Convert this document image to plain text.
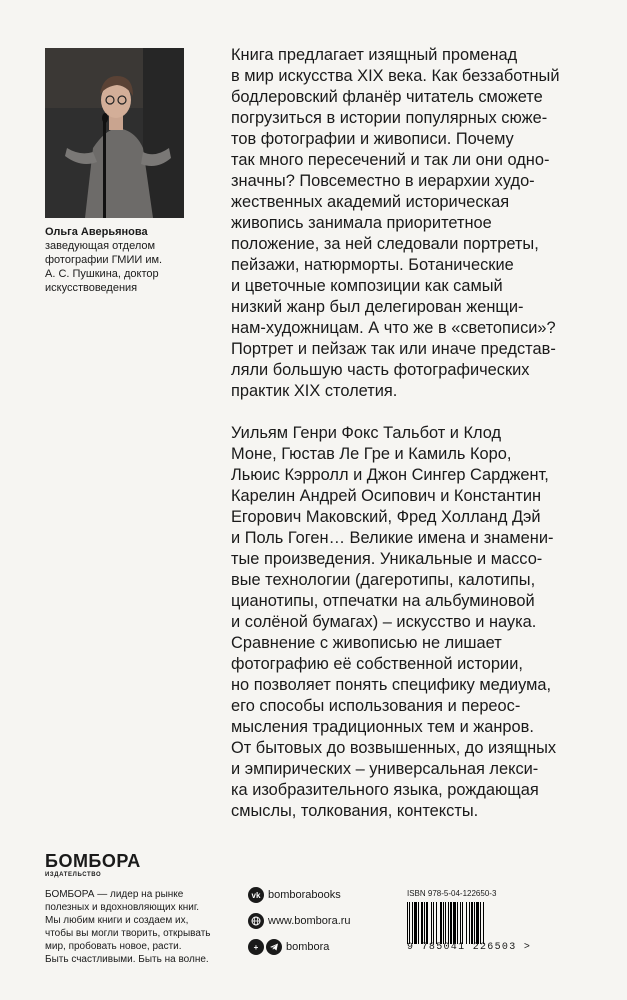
Ольга Аверьянова
заведующая отделом
фотографии ГМИИ им.
А. С. Пушкина, доктор
искусствоведения

Книга предлагает изящный променад
в мир искусства XIX века. Как беззаботный
бодлеровский фланёр читатель сможете
погрузиться в истории популярных сюже-
тов фотографии и живописи. Почему
так много пересечений и так ли они одно-
значны? Повсеместно в иерархии худо-
жественных академий историческая
живопись занимала приоритетное
положение, за ней следовали портреты,
пейзажи, натюрморты. Ботанические
и цветочные композиции как самый
низкий жанр был делегирован женщи-
нам-художницам. А что же в «светописи»?
Портрет и пейзаж так или иначе представ-
ляли большую часть фотографических
практик XIX столетия.

Уильям Генри Фокс Тальбот и Клод
Моне, Гюстав Ле Гре и Камиль Коро,
Льюис Кэрролл и Джон Сингер Сарджент,
Карелин Андрей Осипович и Константин
Егорович Маковский, Фред Холланд Дэй
и Поль Гоген… Великие имена и знамени-
тые произведения. Уникальные и массо-
вые технологии (дагеротипы, калотипы,
цианотипы, отпечатки на альбуминовой
и солёной бумагах) – искусство и наука.
Сравнение с живописью не лишает
фотографию её собственной истории,
но позволяет понять специфику медиума,
его способы использования и переос-
мысления традиционных тем и жанров.
От бытовых до возвышенных, до изящных
и эмпирических – универсальная лекси-
ка изобразительного языка, рождающая
смыслы, толкования, контексты.

БОМБОРА
ИЗДАТЕЛЬСТВО
БОМБОРА — лидер на рынке
полезных и вдохновляющих книг.
Мы любим книги и создаем их,
чтобы вы могли творить, открывать
мир, пробовать новое, расти.
Быть счастливыми. Быть на волне.
vk bomborabooks
www.bombora.ru
+	bombora
ISBN 978-5-04-122650-3
9 785041 226503 >
